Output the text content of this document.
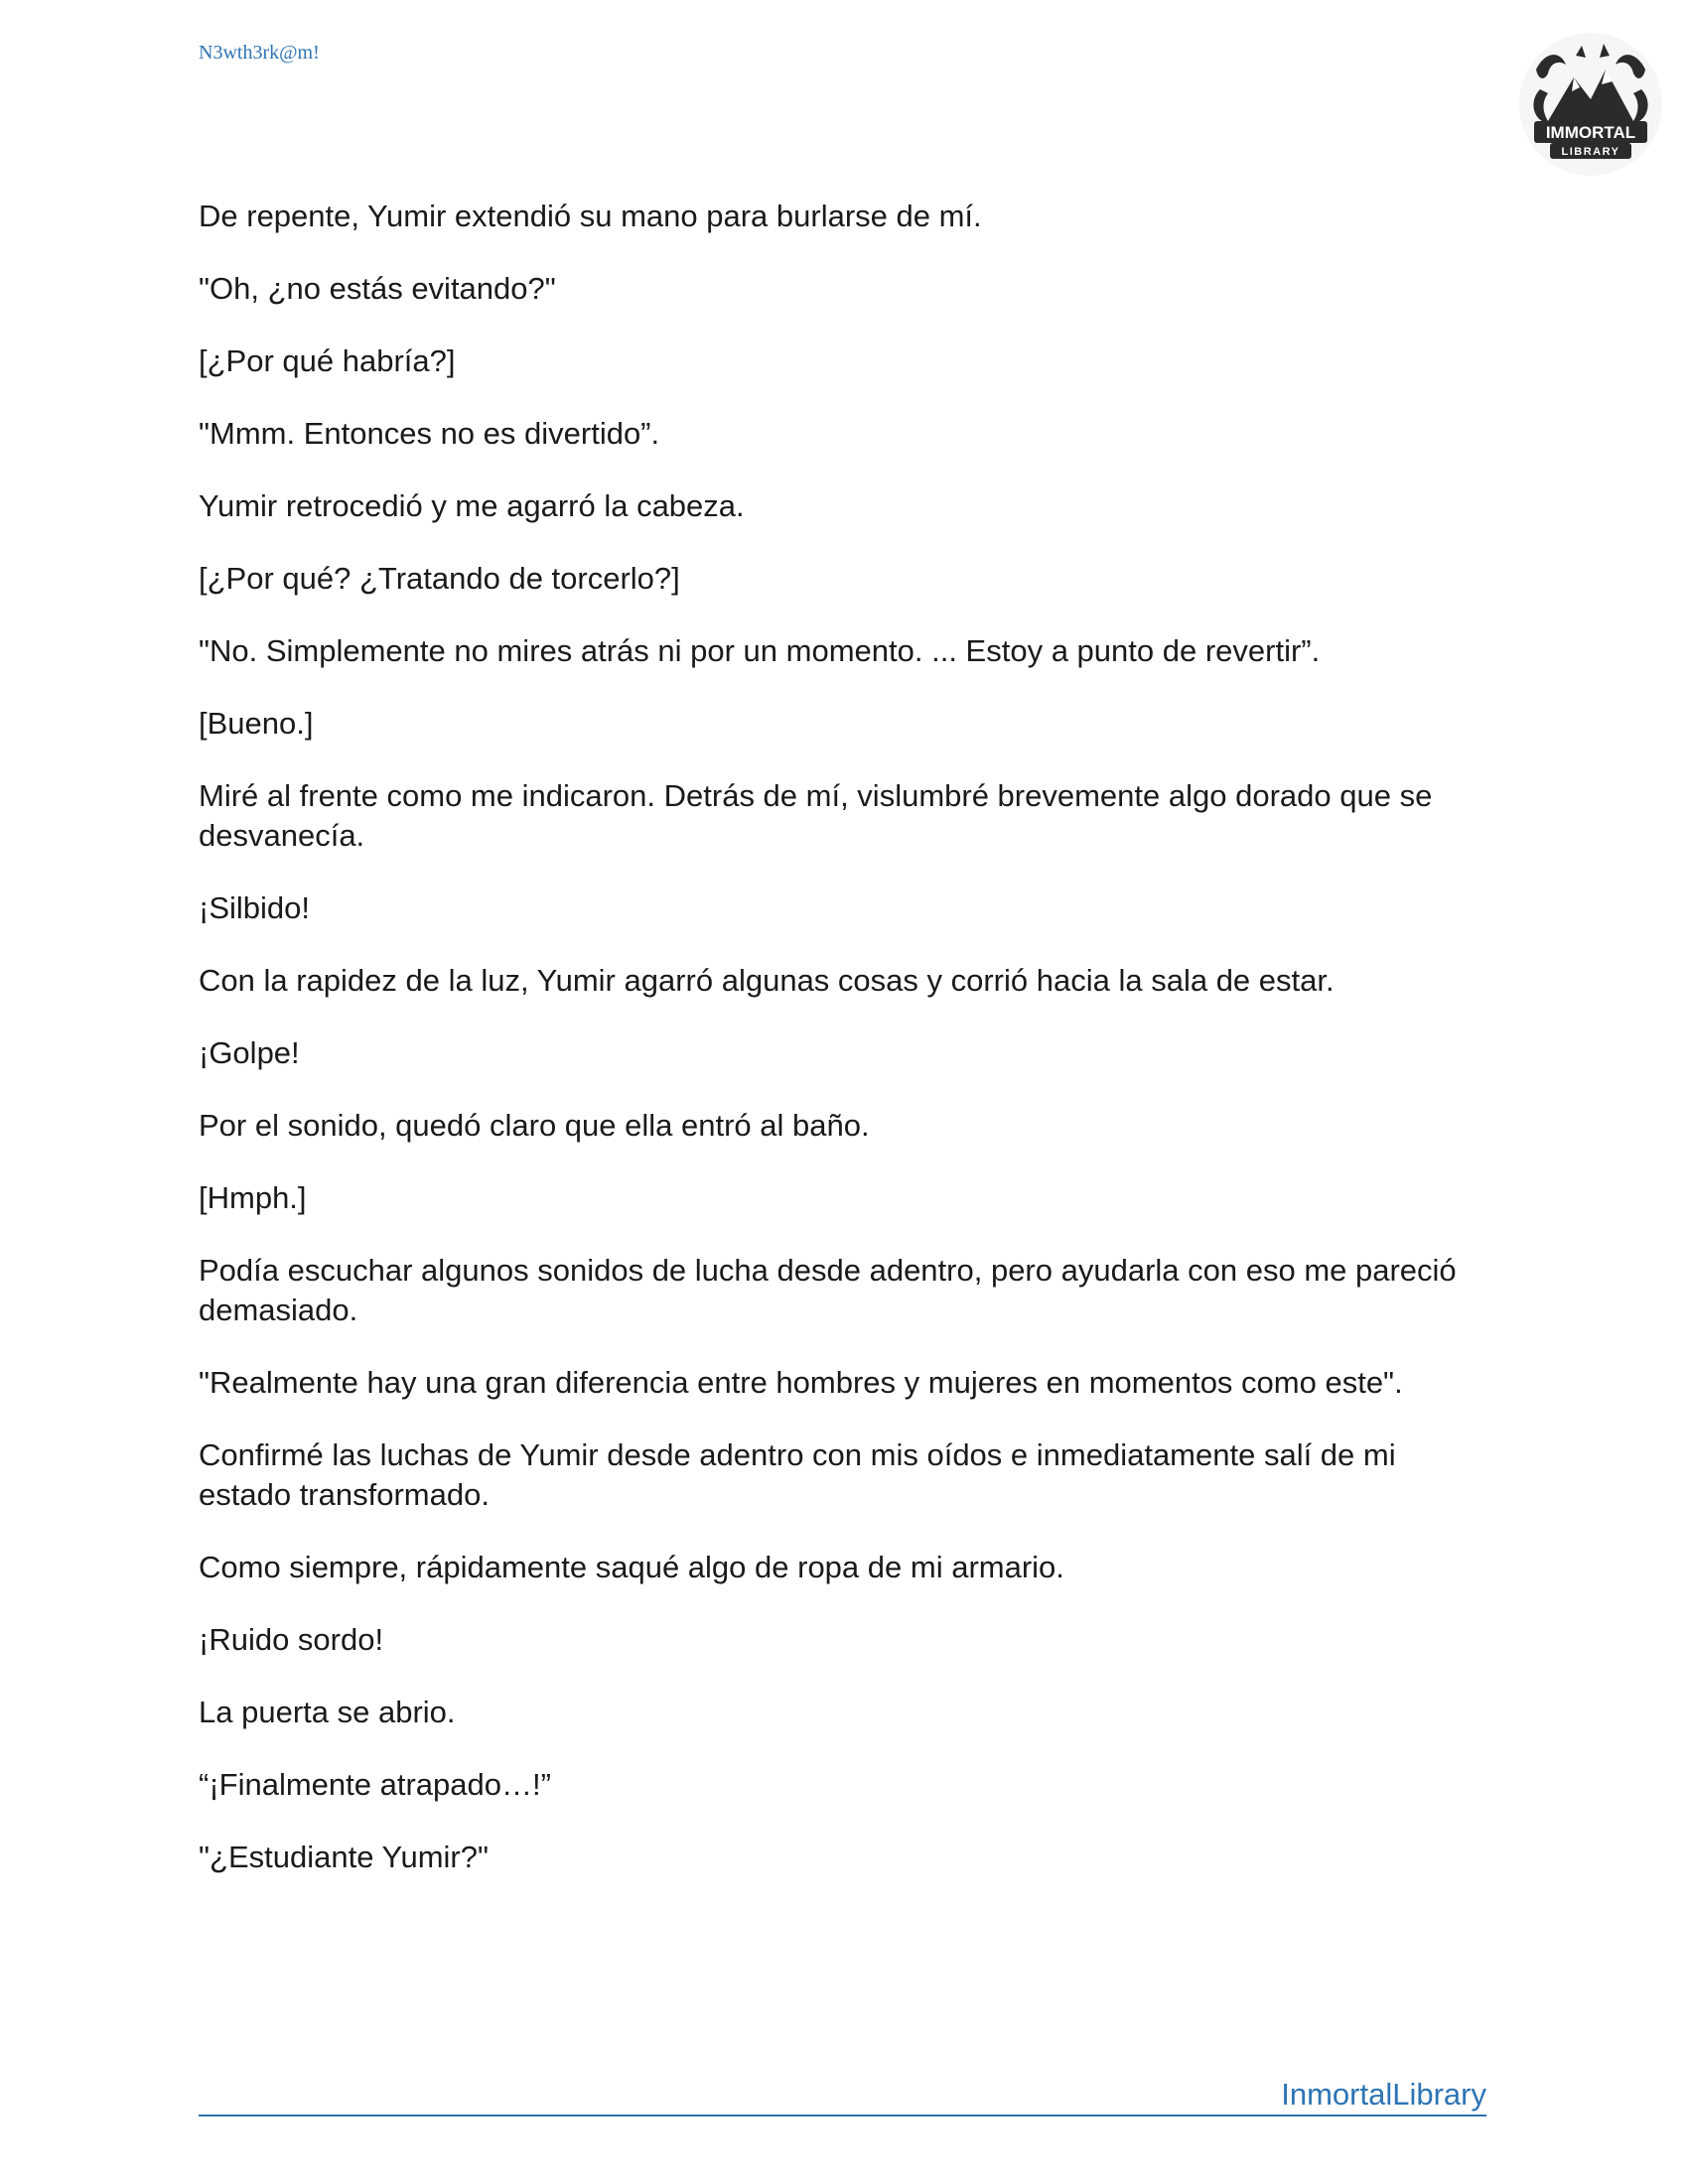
N3wth3rk@m!
IMMORTAL
LIBRARY

De repente, Yumir extendió su mano para burlarse de mí.

"Oh, ¿no estás evitando?"

[¿Por qué habría?]

"Mmm. Entonces no es divertido”.

Yumir retrocedió y me agarró la cabeza.

[¿Por qué? ¿Tratando de torcerlo?]

"No. Simplemente no mires atrás ni por un momento. ... Estoy a punto de revertir”.

[Bueno.]

Miré al frente como me indicaron. Detrás de mí, vislumbré brevemente algo dorado que se desvanecía.

¡Silbido!

Con la rapidez de la luz, Yumir agarró algunas cosas y corrió hacia la sala de estar.

¡Golpe!

Por el sonido, quedó claro que ella entró al baño.

[Hmph.]

Podía escuchar algunos sonidos de lucha desde adentro, pero ayudarla con eso me pareció demasiado.

"Realmente hay una gran diferencia entre hombres y mujeres en momentos como este".

Confirmé las luchas de Yumir desde adentro con mis oídos e inmediatamente salí de mi estado transformado.

Como siempre, rápidamente saqué algo de ropa de mi armario.

¡Ruido sordo!

La puerta se abrio.

“¡Finalmente atrapado…!”

"¿Estudiante Yumir?"

InmortalLibrary
